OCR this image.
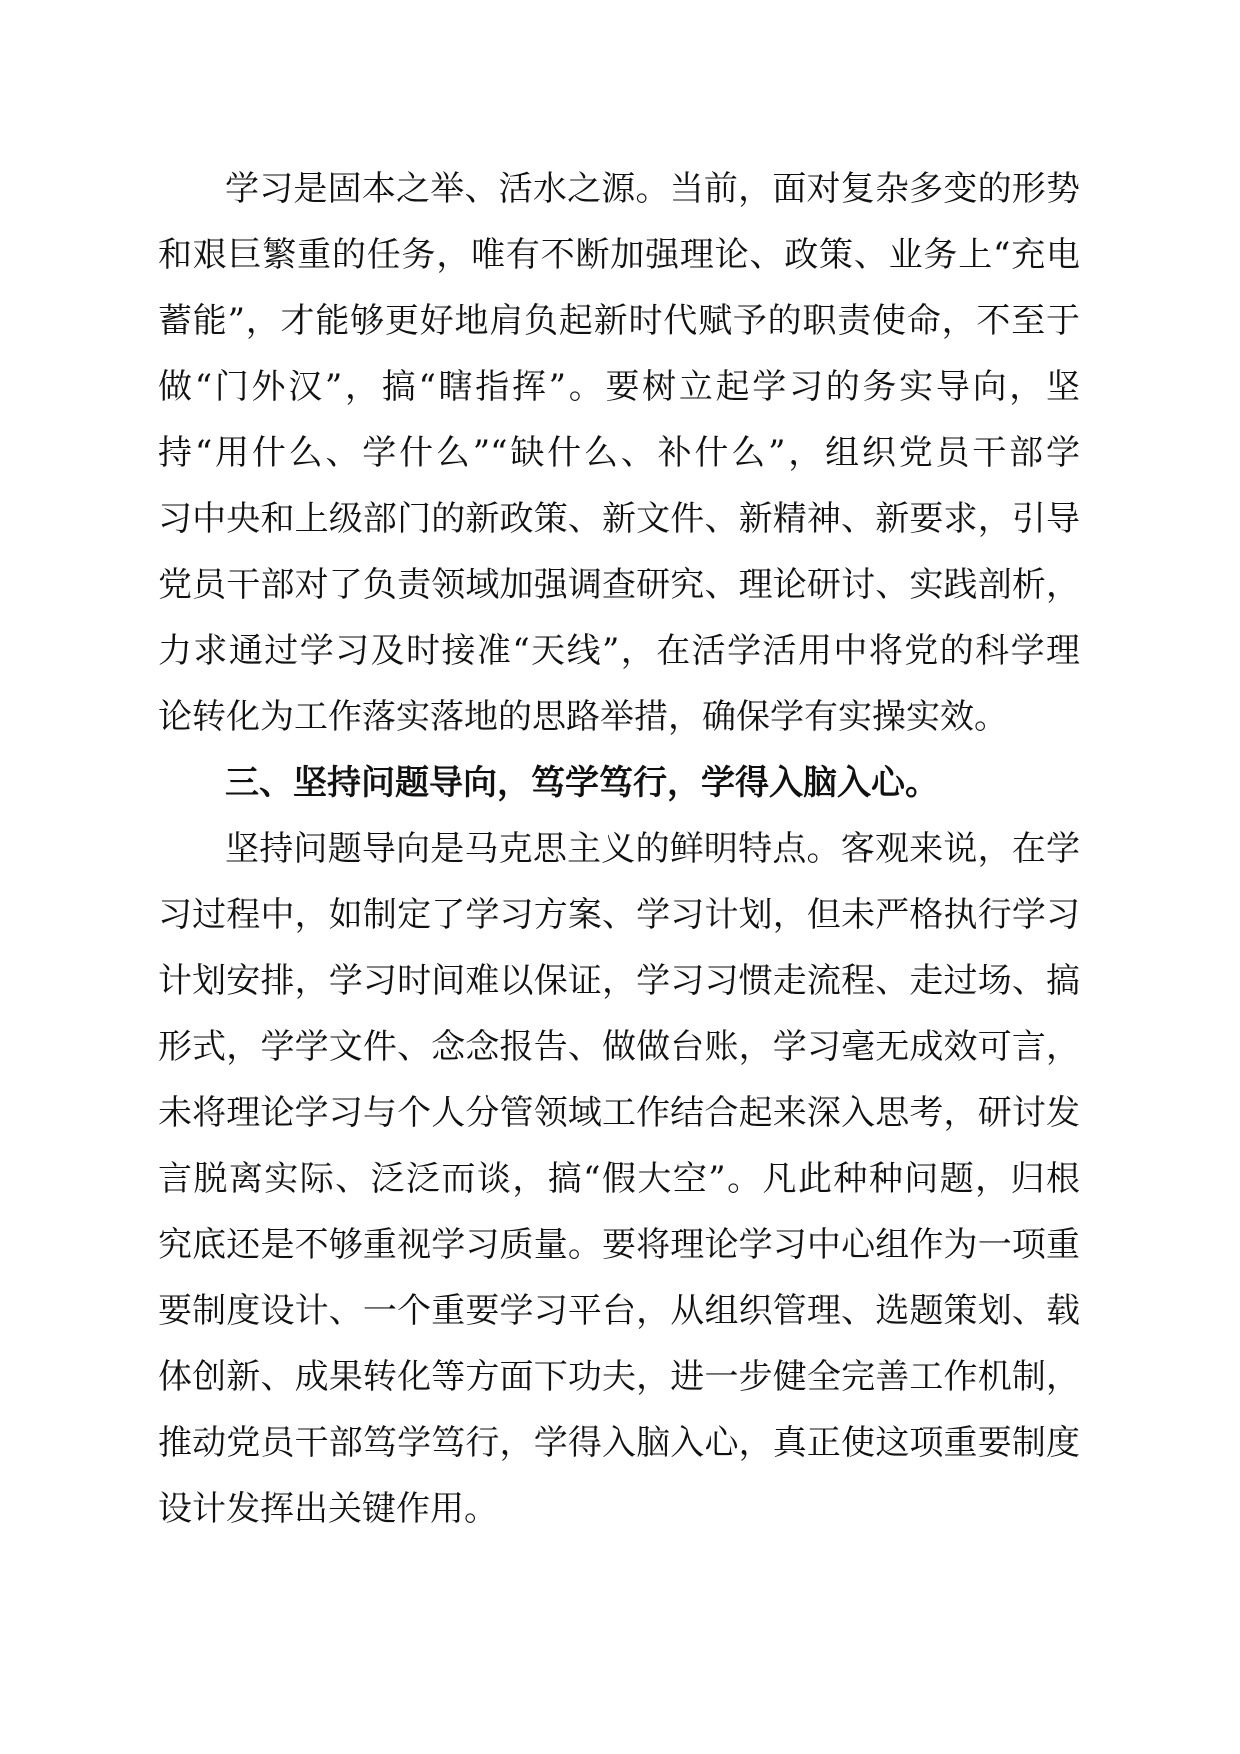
学习是固本之举、活水之源。当前，面对复杂多变的形势
和艰巨繁重的任务，唯有不断加强理论、政策、业务上“充电
蓄能”，才能够更好地肩负起新时代赋予的职责使命，不至于
做“门外汉”，搞“瞎指挥”。要树立起学习的务实导向，坚
持“用什么、学什么”“缺什么、补什么”，组织党员干部学
习中央和上级部门的新政策、新文件、新精神、新要求，引导
党员干部对了负责领域加强调查研究、理论研讨、实践剖析，
力求通过学习及时接准“天线”，在活学活用中将党的科学理
论转化为工作落实落地的思路举措，确保学有实操实效。
三、坚持问题导向，笃学笃行，学得入脑入心。
坚持问题导向是马克思主义的鲜明特点。客观来说，在学
习过程中，如制定了学习方案、学习计划，但未严格执行学习
计划安排，学习时间难以保证，学习习惯走流程、走过场、搞
形式，学学文件、念念报告、做做台账，学习毫无成效可言，
未将理论学习与个人分管领域工作结合起来深入思考，研讨发
言脱离实际、泛泛而谈，搞“假大空”。凡此种种问题，归根
究底还是不够重视学习质量。要将理论学习中心组作为一项重
要制度设计、一个重要学习平台，从组织管理、选题策划、载
体创新、成果转化等方面下功夫，进一步健全完善工作机制，
推动党员干部笃学笃行，学得入脑入心，真正使这项重要制度
设计发挥出关键作用。
